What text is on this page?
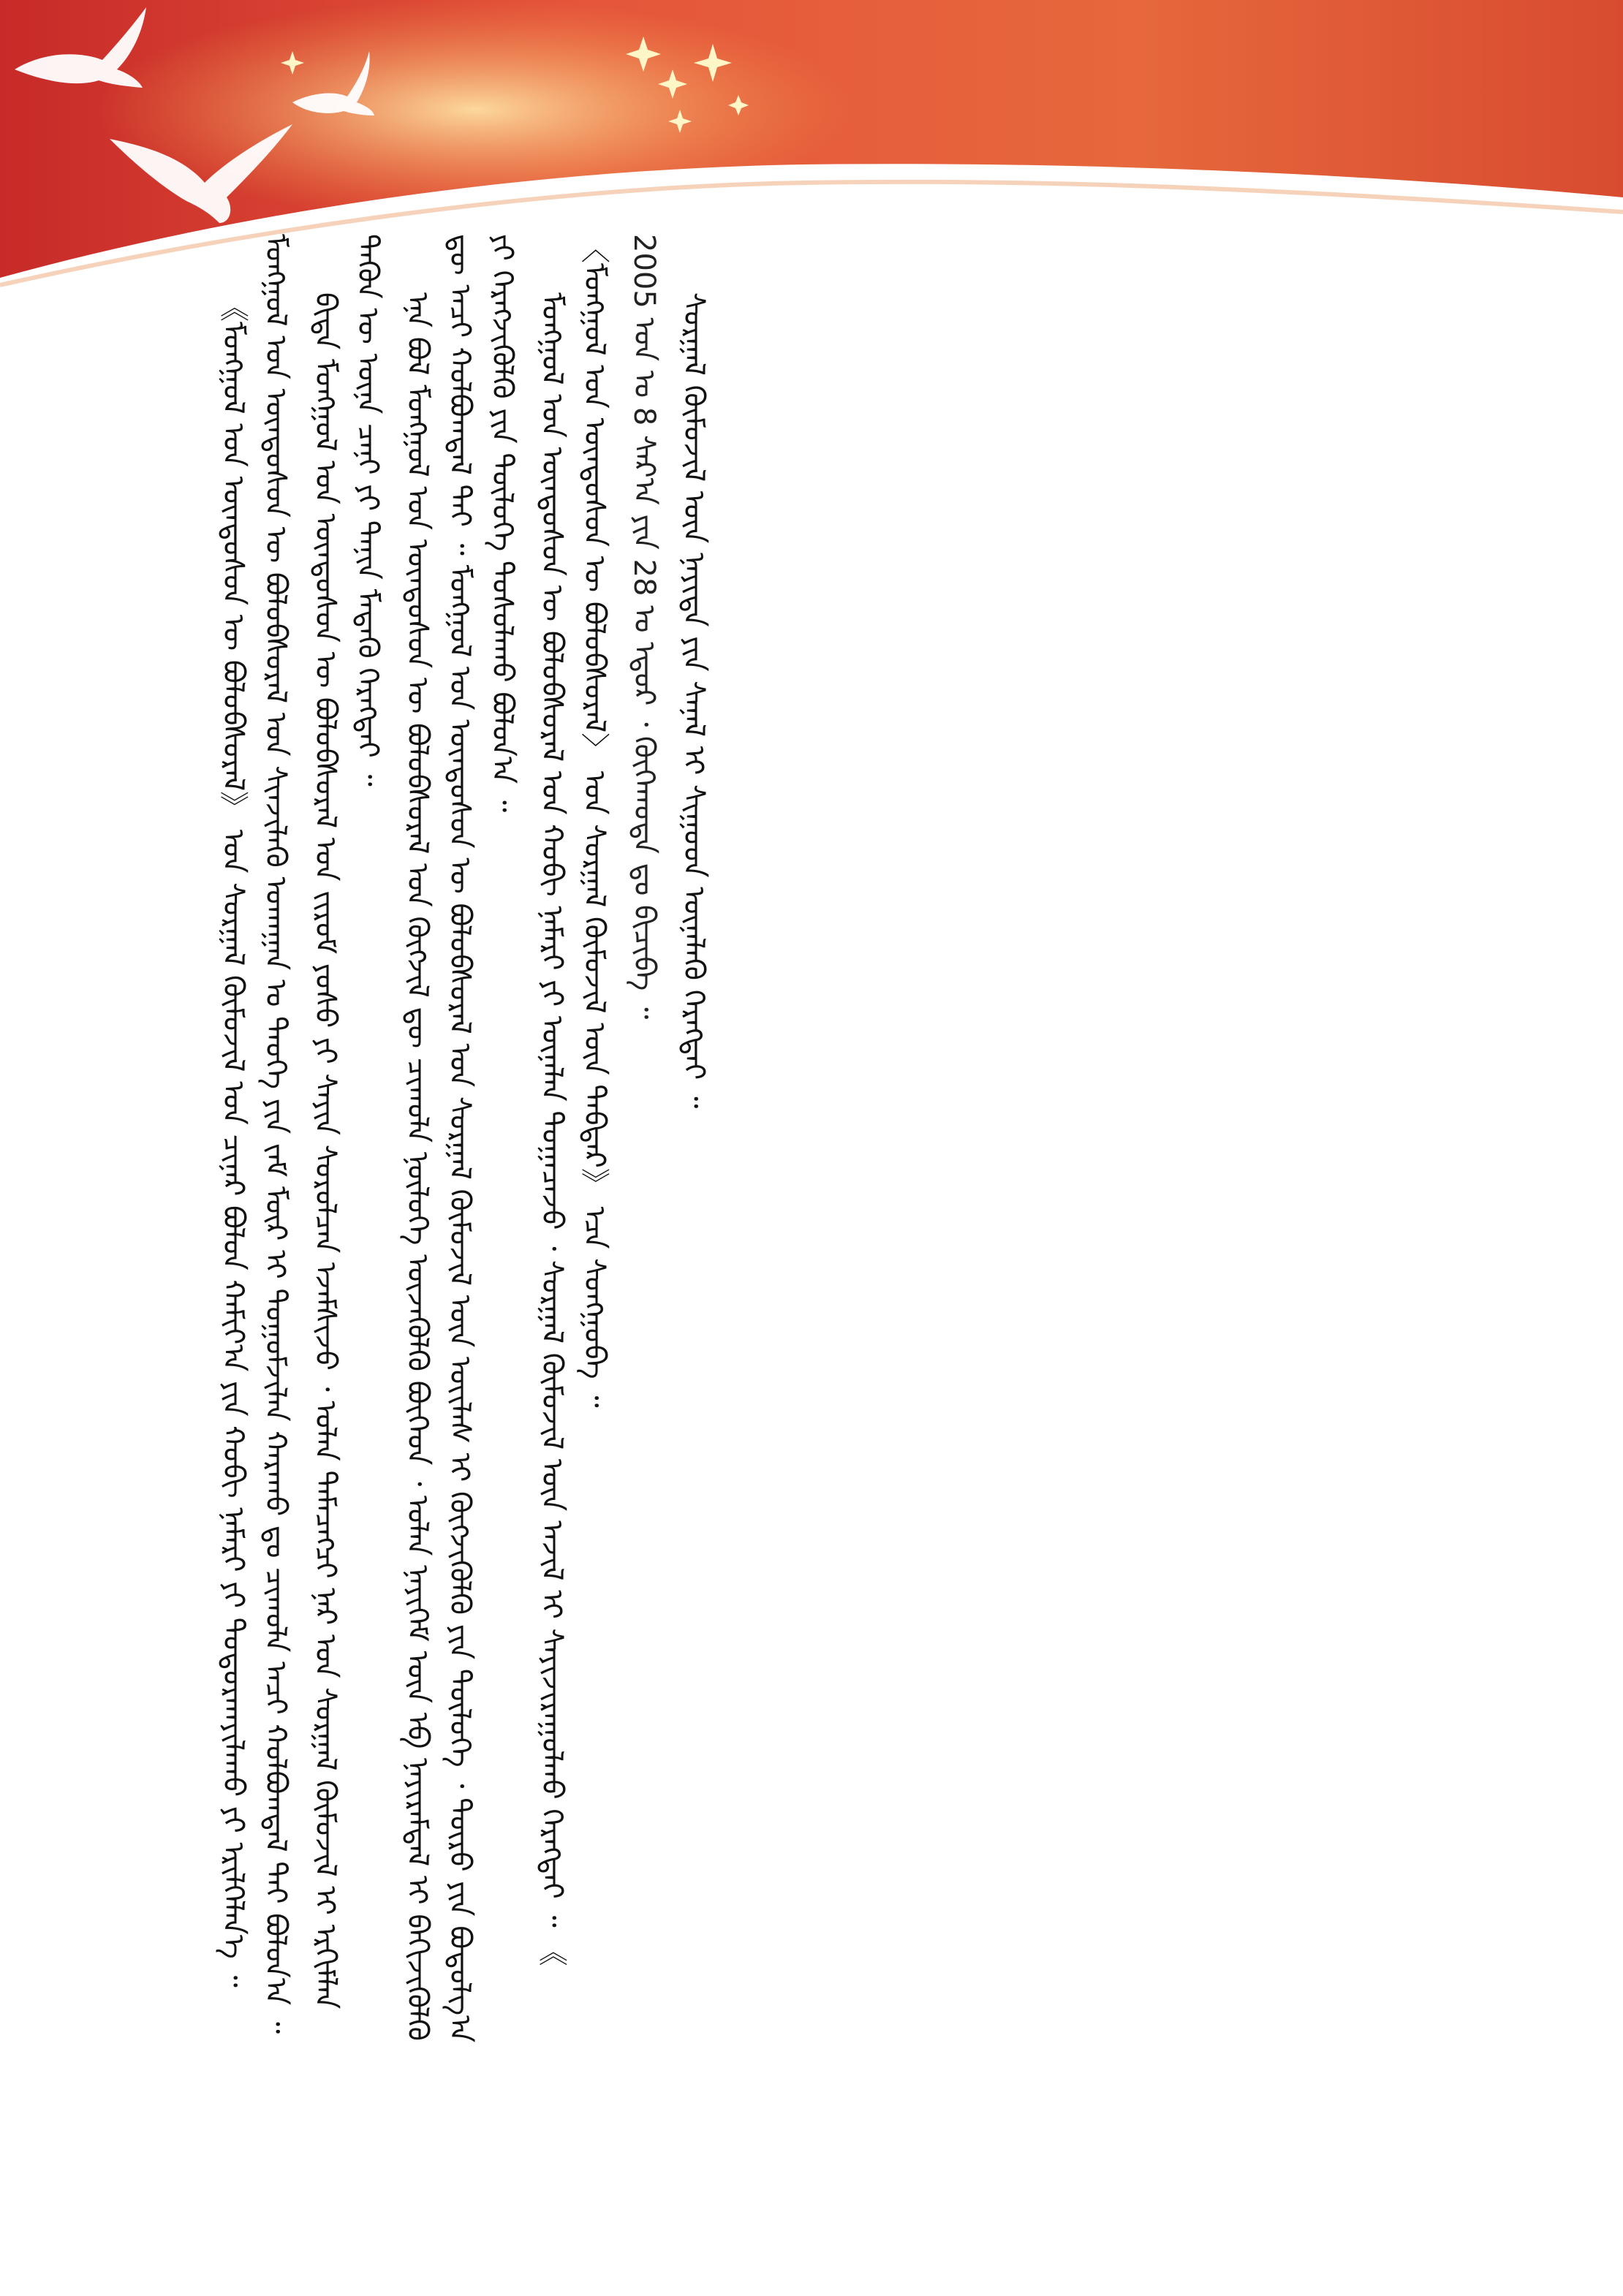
《ᠮᠣᠩᠭᠣᠯ ᠤᠨ ᠦᠨᠳᠦᠰᠦᠨ ᠦ ᠪᠤᠯᠤᠪᠰᠤᠷᠠᠯ》 ᠤᠨ ᠰᠤᠷᠭᠠᠯ ᠬᠦᠮᠦᠵᠢᠯ ᠤᠨ ᠴᠢᠨᠠᠷ ᠪᠣᠯᠣᠨ ᠬᠠᠮᠢᠶ᠎ᠠ ᠶᠢᠨ ᠬᠤᠪᠢ ᠨᠡᠮᠡᠷᠢ ᠶᠢ ᠲᠣᠳᠤᠷᠬᠠᠶᠢᠯᠠᠬᠤ ᠶᠢ ᠡᠷᠢᠯᠬᠡᠯᠡᠨ᠎ᠡ ᠃ ᠮᠣᠩᠭᠣᠯ ᠤᠨ ᠦᠨᠳᠦᠰᠦᠨ ᠦ ᠪᠤᠯᠤᠪᠰᠤᠷᠠᠯ ᠤᠨ ᠰᠢᠨᠵᠢᠯᠡᠬᠦ ᠤᠬᠠᠭᠠᠨ ᠤ ᠲᠡᠦᠬᠡ ᠶᠢᠨ ᠵᠠᠮ ᠮᠥᠷ ᠢ ᠲᠣᠭᠣᠮᠵᠢᠯᠠᠨ ᠬᠠᠷᠠᠬᠤ ᠳᠤ ᠴᠢᠬᠤᠯᠠ ᠠᠴᠢ ᠬᠣᠯᠪᠣᠭᠳᠠᠯ ᠲᠠᠢ ᠪᠣᠯᠤᠨ᠎ᠠ ᠃ ᠪᠢᠳᠡ ᠮᠣᠩᠭᠣᠯ ᠤᠨ ᠦᠨᠳᠦᠰᠦᠨ ᠦ ᠪᠤᠯᠤᠪᠰᠤᠷᠠᠯ ᠤᠨ ᠵᠢᠷᠤᠮ ᠶᠣᠰᠤ ᠶᠢ ᠰᠠᠶᠢᠨ ᠰᠤᠷᠤᠯᠴᠠᠨ ᠡᠵᠡᠮᠰᠢᠵᠦ ᠂ ᠣᠯᠠᠨ ᠲᠡᠮᠡᠴᠡᠭᠴᠢ ᠨᠠᠷ ᠤᠨ ᠰᠤᠷᠭᠠᠯ ᠬᠦᠮᠦᠵᠢᠯ ᠢ ᠡᠷᠬᠢᠮᠯᠡᠨ ᠲᠡᠭᠦᠨ ᠦ ᠦᠨᠡ ᠴᠡᠨᠢ ᠶᠢ ᠲᠠᠨᠢᠨ ᠮᠡᠳᠡᠬᠦ ᠬᠡᠷᠡᠭᠲᠡᠶ ᠃ ᠡᠨᠡ ᠪᠣᠯ ᠮᠣᠩᠭᠣᠯ ᠤᠨ ᠦᠨᠳᠦᠰᠦᠨ ᠦ ᠪᠤᠯᠤᠪᠰᠤᠷᠠᠯ ᠤᠨ ᠬᠦᠭᠵᠢᠯ ᠳᠦ ᠴᠢᠬᠤᠯᠠ ᠨᠥᠯᠦᠭᠡ ᠦᠵᠡᠭᠦᠯᠬᠦ ᠪᠥᠭᠡᠳ ᠂ ᠣᠯᠠᠨ ᠨᠡᠶᠢᠭᠡᠮ ᠦᠨ ᠡᠪ ᠨᠠᠶᠢᠷᠠᠮᠳᠠᠯ ᠢ ᠪᠡᠬᠢᠵᠢᠭᠦᠯᠬᠦ ᠳᠦ ᠠᠴᠢ ᠬᠣᠯᠪᠣᠭᠳᠠᠯ ᠲᠠᠢ ᠃ ᠮᠣᠩᠭᠣᠯ ᠤᠨ ᠦᠨᠳᠦᠰᠦᠨ ᠦ ᠪᠤᠯᠤᠪᠰᠤᠷᠠᠯ ᠤᠨ ᠰᠤᠷᠭᠠᠯ ᠬᠦᠮᠦᠵᠢᠯ ᠦᠨ ᠦᠢᠯᠡᠰ ᠢ ᠬᠥᠭᠵᠢᠭᠦᠯᠬᠦ ᠶᠢᠨ ᠲᠥᠯᠦᠭᠡ ᠂ ᠲᠥᠷᠥ ᠶᠢᠨ ᠪᠣᠳᠣᠯᠭ᠎ᠠ ᠶᠢ ᠬᠡᠷᠡᠭᠵᠢᠭᠦᠯᠬᠦ ᠶᠢᠨ ᠲᠥᠯᠦᠭᠡ ᠲᠤᠰᠤᠯᠠᠬᠤ ᠪᠣᠯᠣᠨ᠎ᠠ ᠃ ᠮᠣᠩᠭᠣᠯ ᠤᠨ ᠦᠨᠳᠦᠰᠦᠨ ᠦ ᠪᠤᠯᠤᠪᠰᠤᠷᠠᠯ ᠤᠨ ᠬᠤᠪᠢ ᠨᠡᠮᠡᠷᠢ ᠶᠢ ᠦᠨᠡᠯᠡᠨ ᠲᠣᠭᠠᠴᠠᠵᠤ ᠂ ᠰᠤᠷᠭᠠᠯ ᠬᠦᠮᠦᠵᠢᠯ ᠦᠨ ᠠᠵᠢᠯ ᠢ ᠰᠠᠶᠢᠵᠢᠷᠠᠭᠤᠯᠬᠤ ᠬᠡᠷᠡᠭᠲᠡᠶ ᠃ 《 〈ᠮᠣᠩᠭᠣᠯ ᠤᠨ ᠦᠨᠳᠦᠰᠦᠨ ᠦ ᠪᠤᠯᠤᠪᠰᠤᠷᠠᠯ〉 ᠤᠨ ᠰᠤᠷᠭᠠᠯ ᠬᠦᠮᠦᠵᠢᠯ ᠦᠨ ᠳᠡᠪᠲᠡᠷ》 ᠡᠴᠡ ᠰᠤᠨᠭᠭᠣᠪᠠ ᠃ 2005 ᠣᠨ ᠤ 8 ᠰᠠᠷ᠎ᠠ ᠶᠢᠨ 28 ᠤ ᠡᠳᠦᠷ ᠂ ᠬᠥᠬᠡᠬᠣᠲᠠ ᠳᠤ ᠪᠢᠴᠢᠪᠡ ᠃ ᠰᠤᠷᠭᠠᠯ ᠬᠦᠮᠦᠵᠢᠯ ᠦᠨ ᠨᠡᠶᠢᠲᠡ ᠶᠢᠨ ᠰᠠᠨᠠᠯ ᠢ ᠰᠢᠭᠤᠳ ᠦᠨᠡᠯᠡᠬᠦ ᠬᠡᠷᠡᠭᠲᠡᠶ ᠃
